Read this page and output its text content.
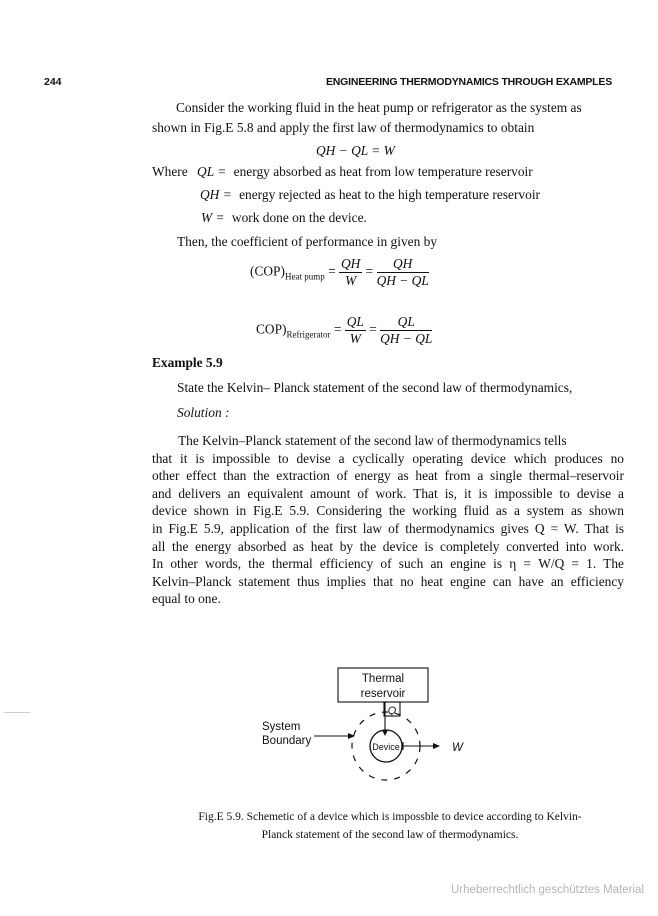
244	ENGINEERING THERMODYNAMICS THROUGH EXAMPLES
Consider the working fluid in the heat pump or refrigerator as the system as
shown in Fig.E 5.8 and apply the first law of thermodynamics to obtain
QH − QL = W
Where QL = energy absorbed as heat from low temperature reservoir
QH = energy rejected as heat to the high temperature reservoir
W = work done on the device.
Then, the coefficient of performance in given by
$(COP)_{Heat pump} = \frac{QH}{W} = \frac{QH}{QH - QL}$
$COP)_{Refrigerator} = \frac{QL}{W} = \frac{QL}{QH - QL}$
Example 5.9
State the Kelvin– Planck statement of the second law of thermodynamics,
Solution :
The Kelvin–Planck statement of the second law of thermodynamics tells
that it is impossible to devise a cyclically operating device which produces no
other effect than the extraction of energy as heat from a single thermal–reservoir
and delivers an equivalent amount of work. That is, it is impossible to devise a
device shown in Fig.E 5.9. Considering the working fluid as a system as shown
in Fig.E 5.9, application of the first law of thermodynamics gives Q = W. That is
all the energy absorbed as heat by the device is completely converted into work.
In other words, the thermal efficiency of such an engine is η = W/Q = 1. The
Kelvin–Planck statement thus implies that no heat engine can have an efficiency
equal to one.
Thermal
reservoir
Q
System
Boundary	Device	W
Fig.E 5.9. Schemetic of a device which is impossble to device according to Kelvin-
Planck statement of the second law of thermodynamics.
Urheberrechtlich geschütztes Material
